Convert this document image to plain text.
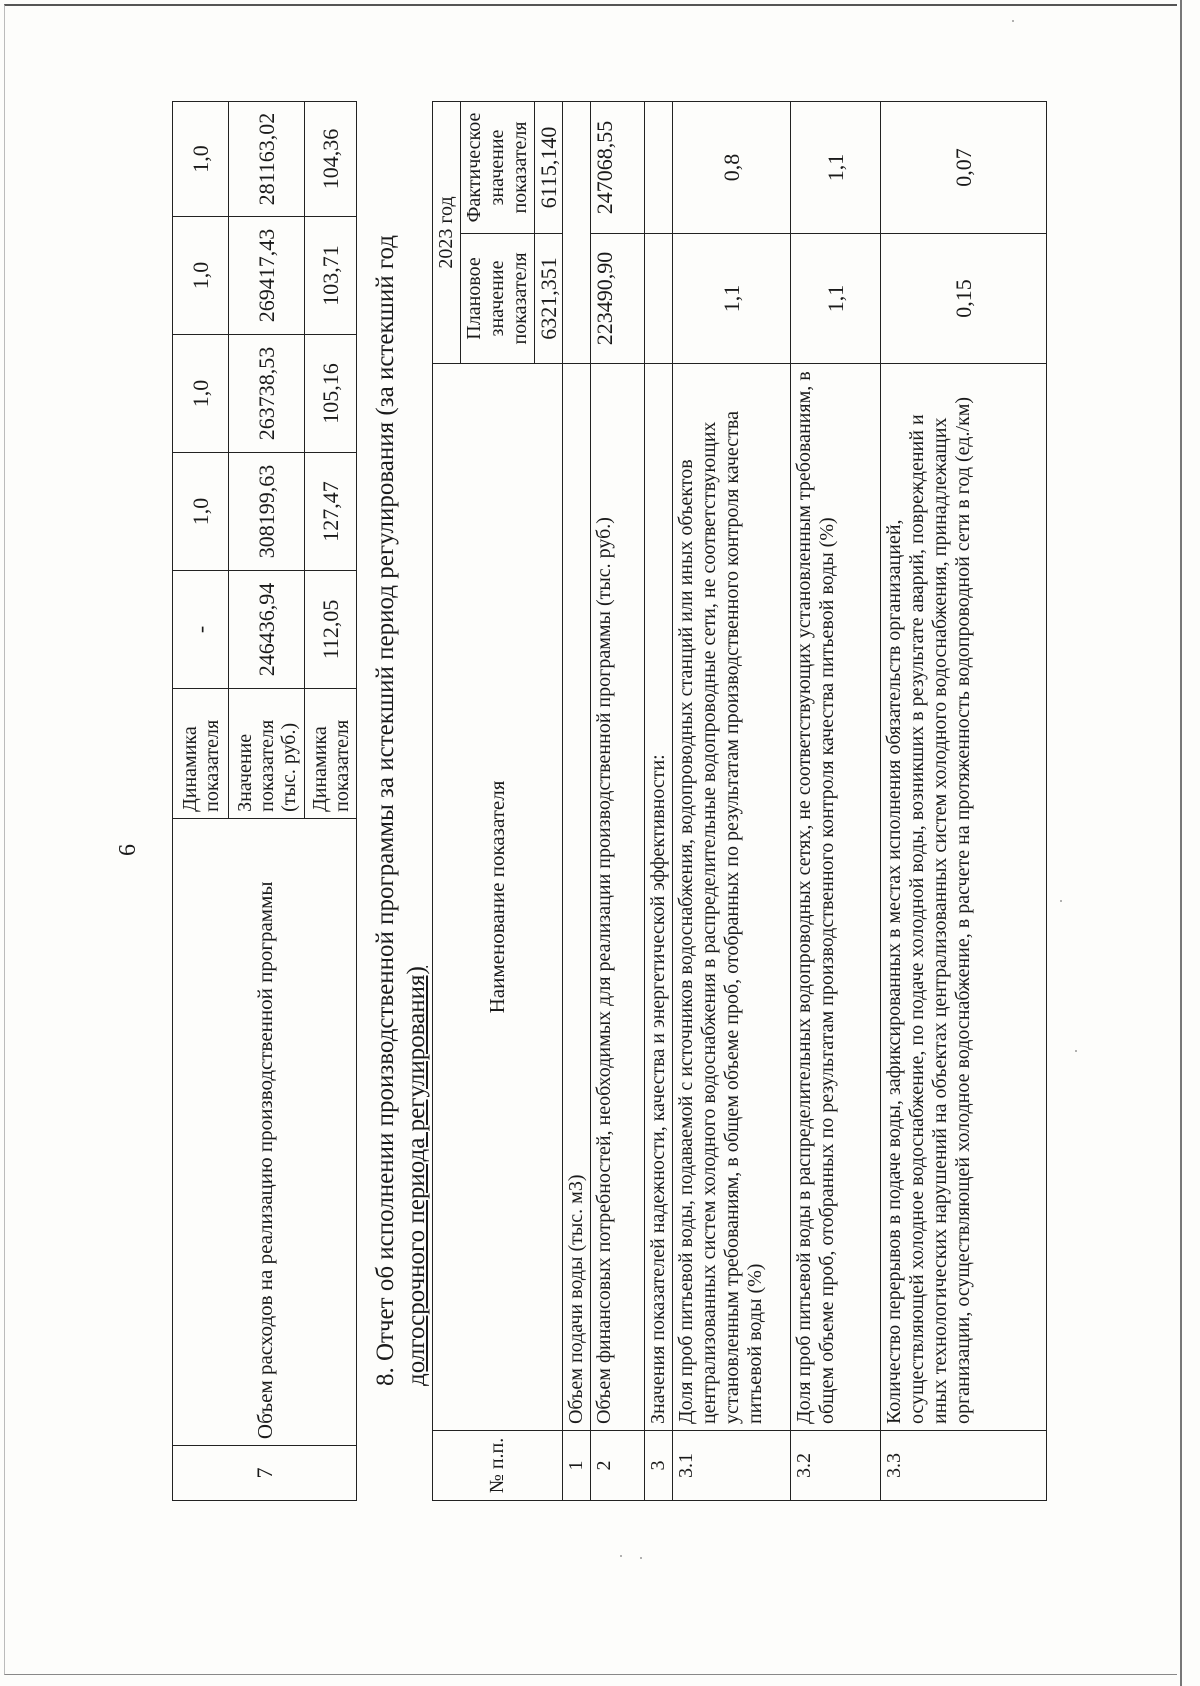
6
7	Объем расходов на реализацию производственной программы	Динамика показателя	-	1,0	1,0	1,0	1,0
		Значение показателя (тыс. руб.)	246436,94	308199,63	263738,53	269417,43	281163,02
		Динамика показателя	112,05	127,47	105,16	103,71	104,36
8. Отчет об исполнении производственной программы за истекший период регулирования (за истекший год долгосрочного периода регулирования)
№ п.п.	Наименование показателя	2023 год	
		Плановое значение показателя	Фактическое значение показателя
		6321,351	6115,140
1	Объем подачи воды (тыс. м3)		
2	Объем финансовых потребностей, необходимых для реализации производственной программы (тыс. руб.)	223490,90	247068,55
3	Значения показателей надежности, качества и энергетической эффективности:		
3.1	Доля проб питьевой воды, подаваемой с источников водоснабжения, водопроводных станций или иных объектов централизованных систем холодного водоснабжения в распределительные водопроводные сети, не соответствующих установленным требованиям, в общем объеме проб, отобранных по результатам производственного контроля качества питьевой воды (%)	1,1	0,8
3.2	Доля проб питьевой воды в распределительных водопроводных сетях, не соответствующих установленным требованиям, в общем объеме проб, отобранных по результатам производственного контроля качества питьевой воды (%)	1,1	1,1
3.3	Количество перерывов в подаче воды, зафиксированных в местах исполнения обязательств организацией, осуществляющей холодное водоснабжение, по подаче холодной воды, возникших в результате аварий, повреждений и иных технологических нарушений на объектах централизованных систем холодного водоснабжения, принадлежащих организации, осуществляющей холодное водоснабжение, в расчете на протяженность водопроводной сети в год (ед./км)	0,15	0,07
